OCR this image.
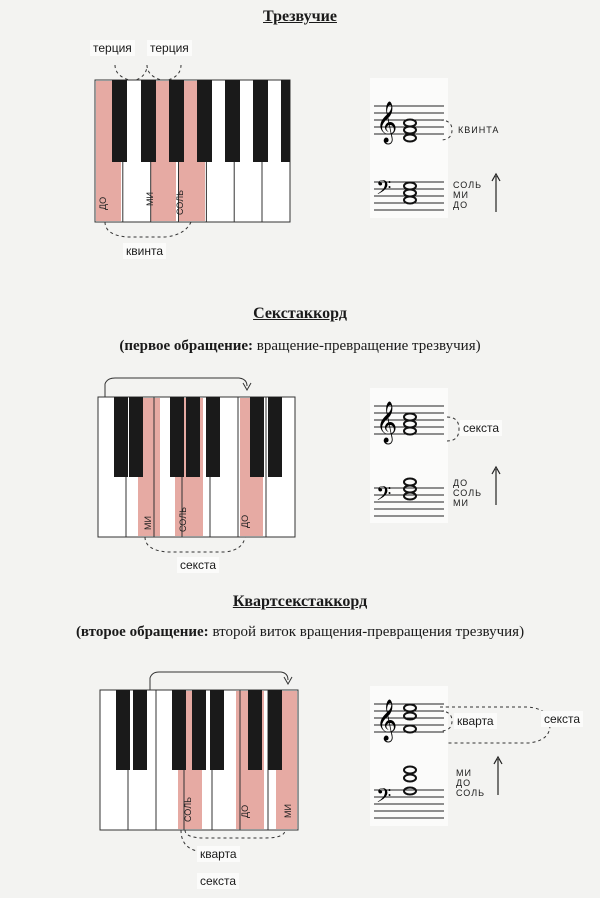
Трезвучие
терция терция
ДО	МИ СОЛЬ
квинта
𝄞
𝄢
КВИНТА
СОЛЬ
МИ
ДО
Секстаккорд
(первое обращение: вращение-превращение трезвучия)
МИ	СОЛЬ	ДО
секста
𝄞
𝄢
секста
ДО
СОЛЬ
МИ
Квартсекстаккорд
(второе обращение: второй виток вращения-превращения трезвучия)
СОЛЬ	ДО	МИ
кварта
секста
𝄞
𝄢
кварта	секста
МИ
ДО
СОЛЬ
